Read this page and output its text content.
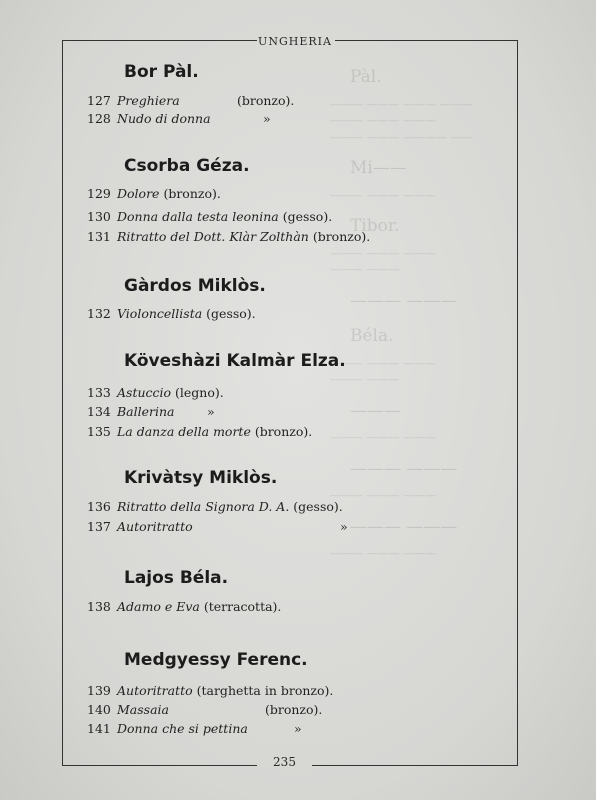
Pàl.
——— ——— ——— ———
——— ——— ———
——— ——— ———— ——
Mi——
——— ——— ———
Tibor.
——— ——— ———
——— ———
——— ———
Béla.
——— ——— ———
——— ———
———
——— ——— ———
——— ———
——— ——— ———
——— ———
——— ——— ———
UNGHERIA
235
Bor Pàl.
127 Preghiera	(bronzo).
128 Nudo di donna	»
Csorba Géza.
129 Dolore (bronzo).
130 Donna dalla testa leonina (gesso).
131 Ritratto del Dott. Klàr Zolthàn (bronzo).
Gàrdos Miklòs.
132 Violoncellista (gesso).
Köveshàzi Kalmàr Elza.
133 Astuccio (legno).
134 Ballerina	»
135 La danza della morte (bronzo).
Krivàtsy Miklòs.
136 Ritratto della Signora D. A. (gesso).
137 Autoritratto	»
Lajos Béla.
138 Adamo e Eva (terracotta).
Medgyessy Ferenc.
139 Autoritratto (targhetta in bronzo).
140 Massaia	(bronzo).
141 Donna che si pettina	»
